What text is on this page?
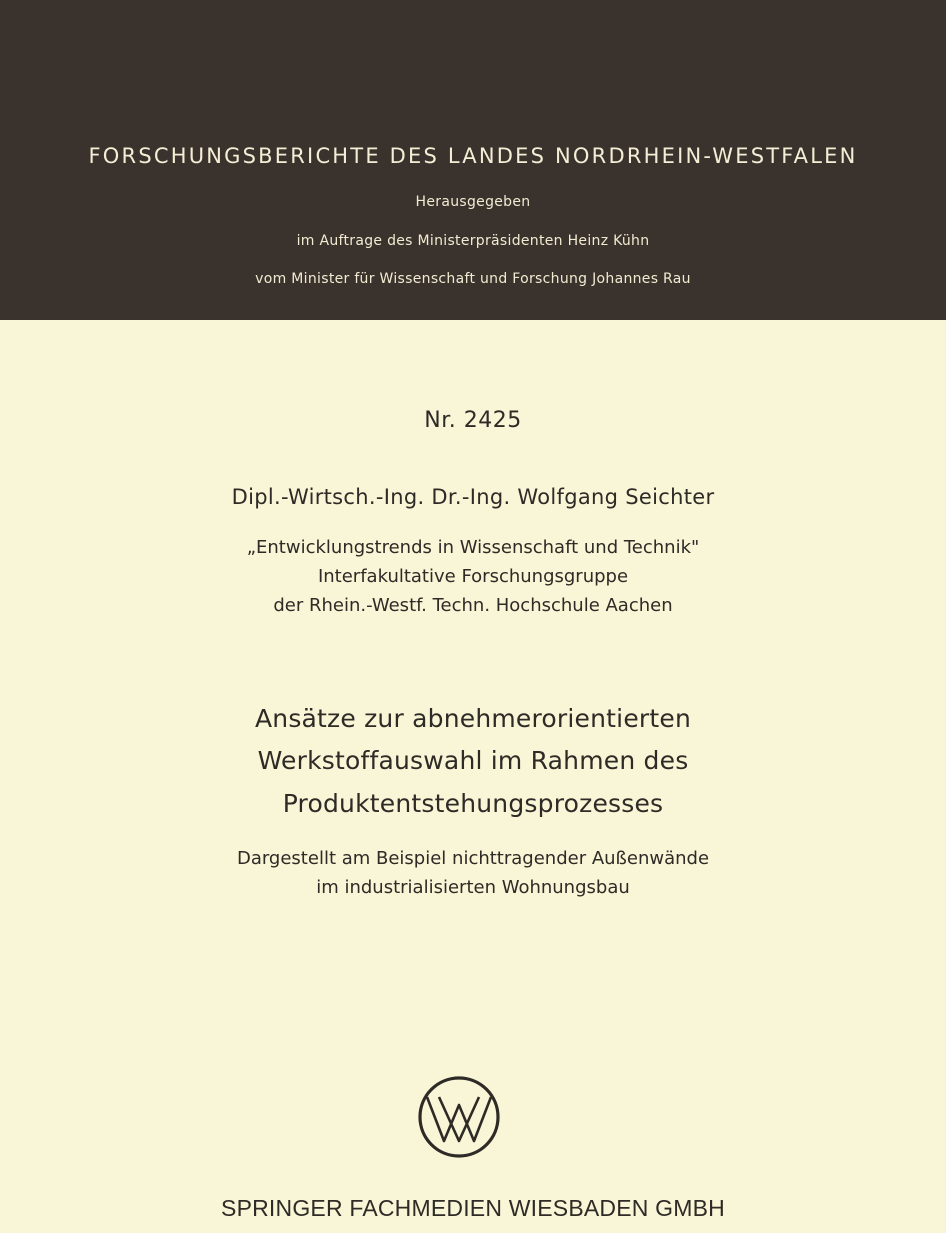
FORSCHUNGSBERICHTE DES LANDES NORDRHEIN-WESTFALEN
Herausgegeben
im Auftrage des Ministerpräsidenten Heinz Kühn
vom Minister für Wissenschaft und Forschung Johannes Rau
Nr. 2425
Dipl.-Wirtsch.-Ing. Dr.-Ing. Wolfgang Seichter
„Entwicklungstrends in Wissenschaft und Technik"
Interfakultative Forschungsgruppe
der Rhein.-Westf. Techn. Hochschule Aachen
Ansätze zur abnehmerorientierten
Werkstoffauswahl im Rahmen des
Produktentstehungsprozesses
Dargestellt am Beispiel nichttragender Außenwände
im industrialisierten Wohnungsbau
SPRINGER FACHMEDIEN WIESBADEN GMBH
